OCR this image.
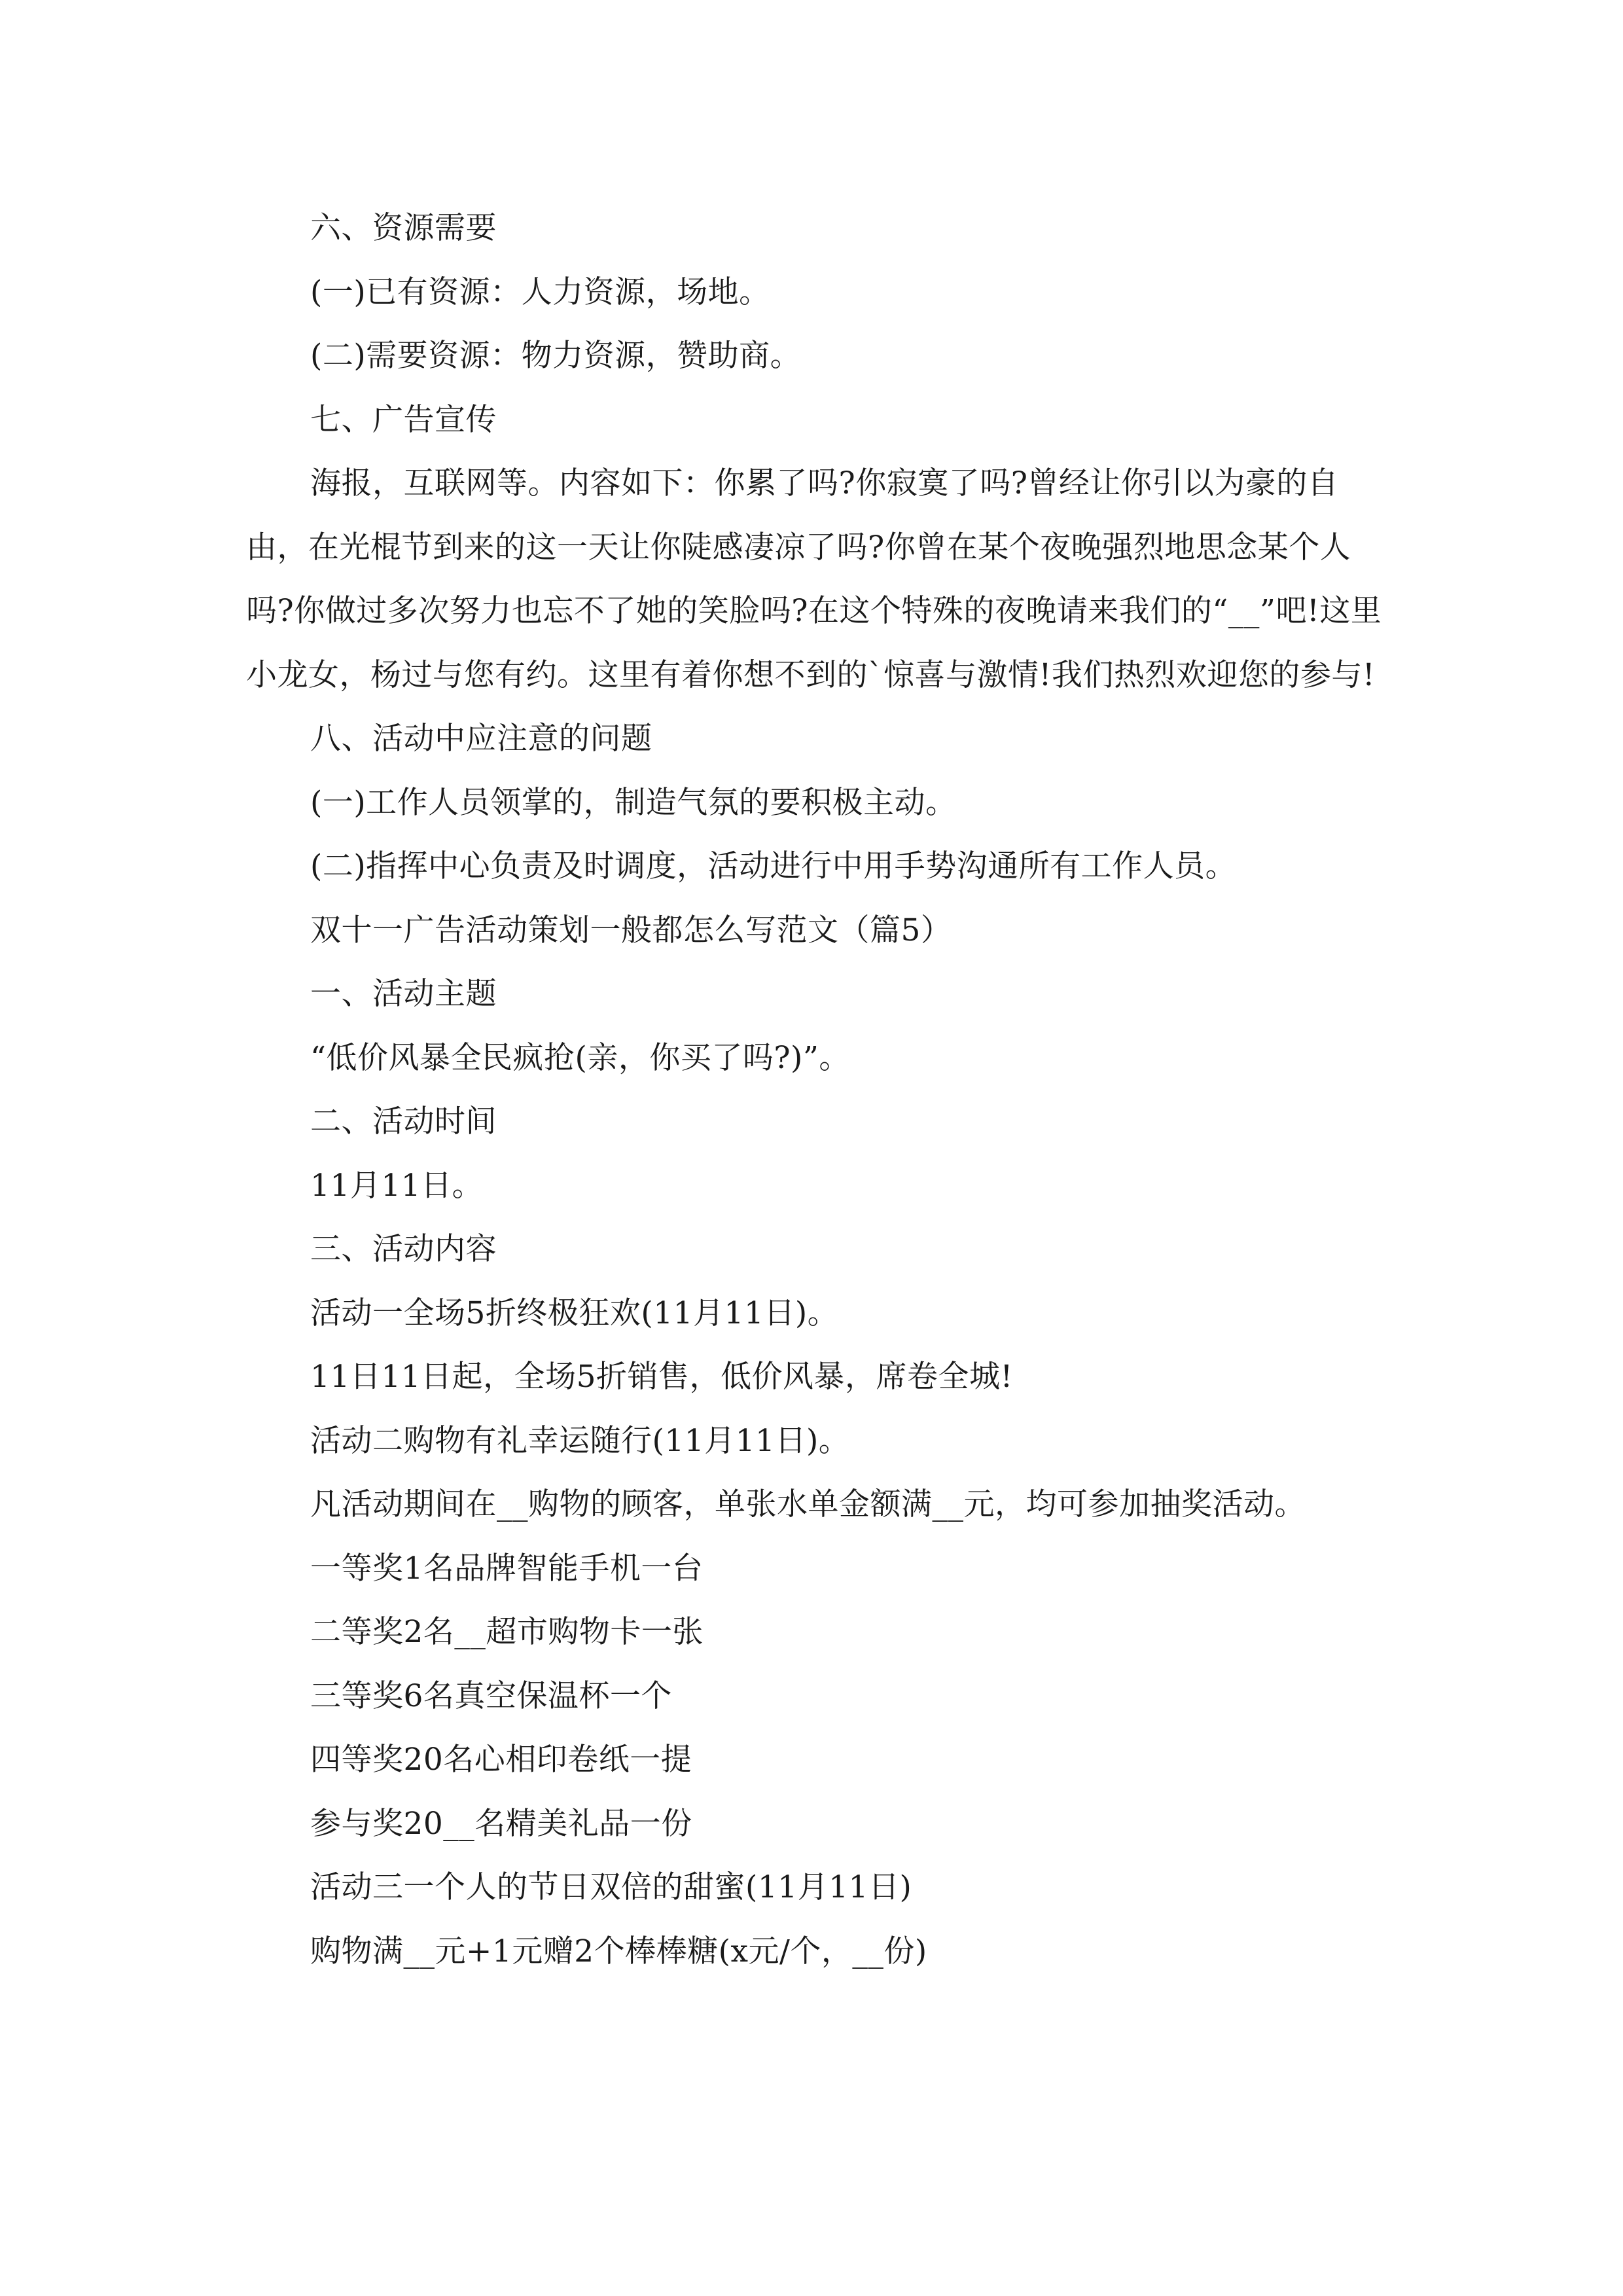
六、资源需要

(一)已有资源：人力资源，场地。

(二)需要资源：物力资源，赞助商。

七、广告宣传

海报，互联网等。内容如下：你累了吗?你寂寞了吗?曾经让你引以为豪的自由，在光棍节到来的这一天让你陡感凄凉了吗?你曾在某个夜晚强烈地思念某个人吗?你做过多次努力也忘不了她的笑脸吗?在这个特殊的夜晚请来我们的“__”吧!这里小龙女，杨过与您有约。这里有着你想不到的`惊喜与激情!我们热烈欢迎您的参与!

八、活动中应注意的问题

(一)工作人员领掌的，制造气氛的要积极主动。

(二)指挥中心负责及时调度，活动进行中用手势沟通所有工作人员。

双十一广告活动策划一般都怎么写范文（篇5）

一、活动主题

“低价风暴全民疯抢(亲，你买了吗?)”。

二、活动时间

11月11日。

三、活动内容

活动一全场5折终极狂欢(11月11日)。

11日11日起，全场5折销售，低价风暴，席卷全城!

活动二购物有礼幸运随行(11月11日)。

凡活动期间在__购物的顾客，单张水单金额满__元，均可参加抽奖活动。

一等奖1名品牌智能手机一台

二等奖2名__超市购物卡一张

三等奖6名真空保温杯一个

四等奖20名心相印卷纸一提

参与奖20__名精美礼品一份

活动三一个人的节日双倍的甜蜜(11月11日)

购物满__元+1元赠2个棒棒糖(x元/个，__份)
